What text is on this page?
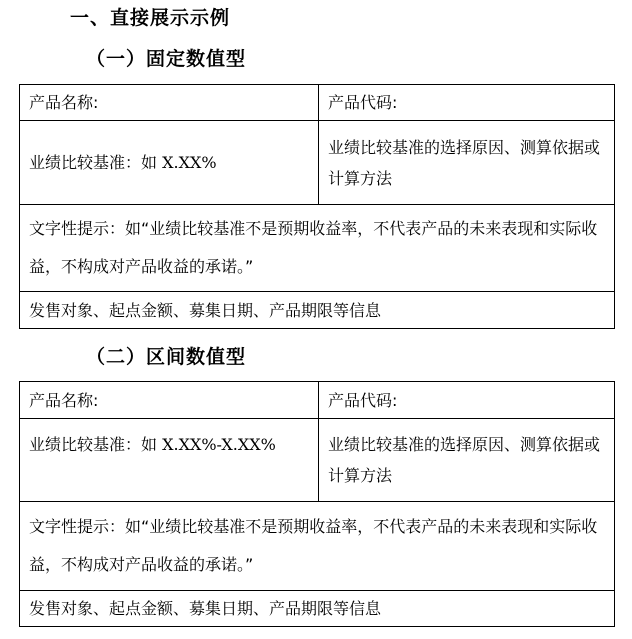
一、直接展示示例
（一）固定数值型
产品名称:	产品代码:

业绩比较基准：如 X.XX%	业绩比较基准的选择原因、测算依据或计算方法

文字性提示：如“业绩比较基准不是预期收益率，不代表产品的未来表现和实际收益，不构成对产品收益的承诺。”	

发售对象、起点金额、募集日期、产品期限等信息	
（二）区间数值型
产品名称:	产品代码:

业绩比较基准：如 X.XX%-X.XX%	业绩比较基准的选择原因、测算依据或计算方法

文字性提示：如“业绩比较基准不是预期收益率，不代表产品的未来表现和实际收益，不构成对产品收益的承诺。”	

发售对象、起点金额、募集日期、产品期限等信息	
